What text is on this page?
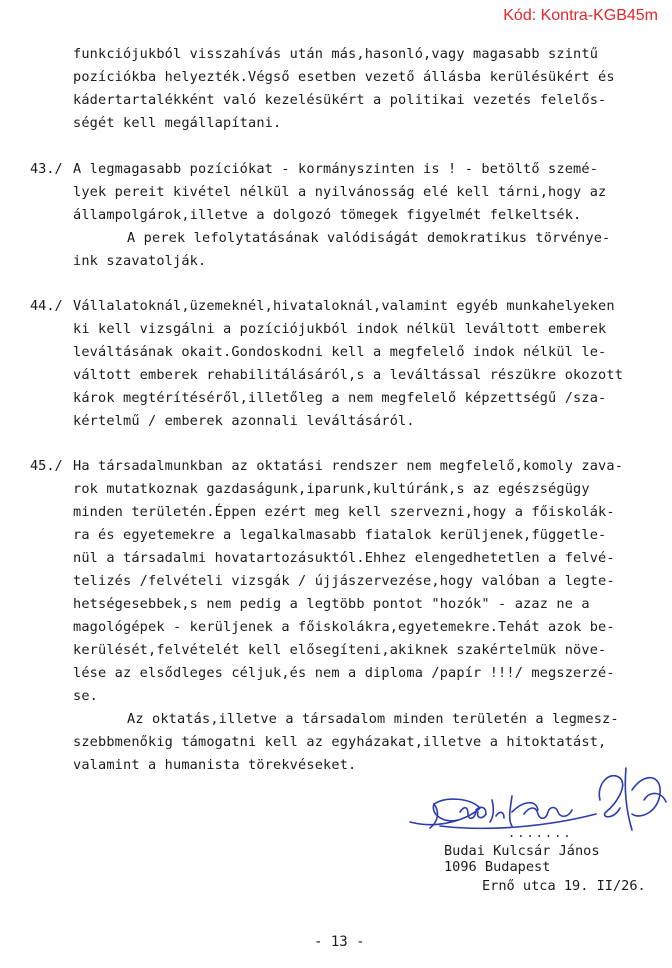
Kód: Kontra-KGB45m
funkciójukból visszahívás után más,hasonló,vagy magasabb szintű
pozíciókba helyezték.Végső esetben vezető állásba kerülésükért és
kádertartalékként való kezelésükért a politikai vezetés felelős-
ségét kell megállapítani.
43./ A legmagasabb pozíciókat - kormányszinten is ! - betöltő szemé-
lyek pereit kivétel nélkül a nyilvánosság elé kell tárni,hogy az
állampolgárok,illetve a dolgozó tömegek figyelmét felkeltsék.
A perek lefolytatásának valódiságát demokratikus törvénye-
ink szavatolják.
44./ Vállalatoknál,üzemeknél,hivataloknál,valamint egyéb munkahelyeken
ki kell vizsgálni a pozíciójukból indok nélkül leváltott emberek
leváltásának okait.Gondoskodni kell a megfelelő indok nélkül le-
váltott emberek rehabilitálásáról,s a leváltással részükre okozott
károk megtérítéséről,illetőleg a nem megfelelő képzettségű /sza-
kértelmű / emberek azonnali leváltásáról.
45./ Ha társadalmunkban az oktatási rendszer nem megfelelő,komoly zava-
rok mutatkoznak gazdaságunk,iparunk,kultúránk,s az egészségügy
minden területén.Éppen ezért meg kell szervezni,hogy a főiskolák-
ra és egyetemekre a legalkalmasabb fiatalok kerüljenek,függetle-
nül a társadalmi hovatartozásuktól.Ehhez elengedhetetlen a felvé-
telizés /felvételi vizsgák / újjászervezése,hogy valóban a legte-
hetségesebbek,s nem pedig a legtöbb pontot "hozók" - azaz ne a
magológépek - kerüljenek a főiskolákra,egyetemekre.Tehát azok be-
kerülését,felvételét kell elősegíteni,akiknek szakértelmük növe-
lése az elsődleges céljuk,és nem a diploma /papír !!!/ megszerzé-
se.
Az oktatás,illetve a társadalom minden területén a legmesz-
szebbmenőkig támogatni kell az egyházakat,illetve a hitoktatást,
valamint a humanista törekvéseket.
.......
Budai Kulcsár János
1096 Budapest
Ernő utca 19. II/26.
- 13 -
